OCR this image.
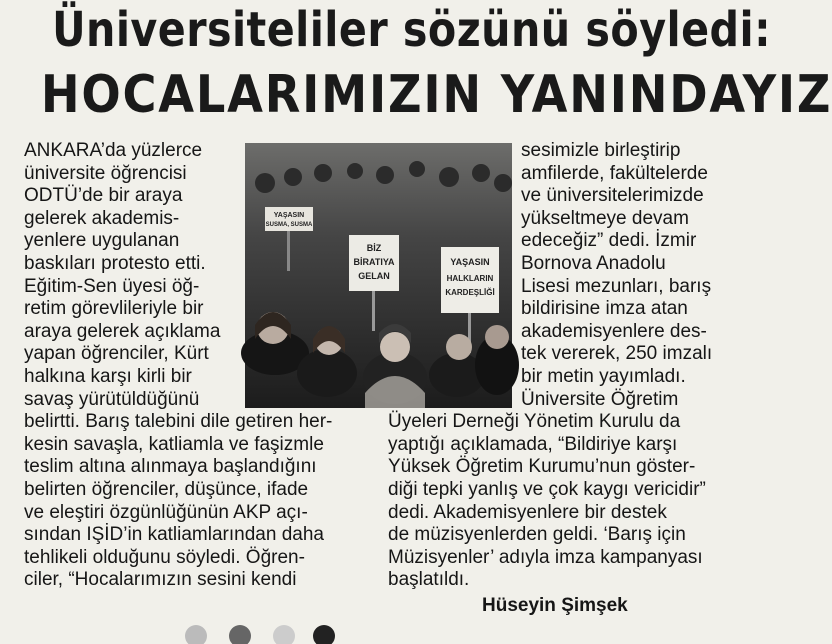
Üniversiteliler sözünü söyledi:
HOCALARIMIZIN YANINDAYIZ
ANKARA’da yüzlerce
üniversite öğrencisi
ODTÜ’de bir araya
gelerek akademis-
yenlere uygulanan
baskıları protesto etti.
Eğitim-Sen üyesi öğ-
retim görevlileriyle bir
araya gelerek açıklama
yapan öğrenciler, Kürt
halkına karşı kirli bir
savaş yürütüldüğünü
belirtti. Barış talebini dile getiren her-
kesin savaşla, katliamla ve faşizmle
teslim altına alınmaya başlandığını
belirten öğrenciler, düşünce, ifade
ve eleştiri özgünlüğünün AKP açı-
sından IŞİD’in katliamlarından daha
tehlikeli olduğunu söyledi. Öğren-
ciler, “Hocalarımızın sesini kendi
sesimizle birleştirip
amfilerde, fakültelerde
ve üniversitelerimizde
yükseltmeye devam
edeceğiz” dedi. İzmir
Bornova Anadolu
Lisesi mezunları, barış
bildirisine imza atan
akademisyenlere des-
tek vererek, 250 imzalı
bir metin yayımladı.
Üniversite Öğretim
Üyeleri Derneği Yönetim Kurulu da
yaptığı açıklamada, “Bildiriye karşı
Yüksek Öğretim Kurumu’nun göster-
diği tepki yanlış ve çok kaygı vericidir”
dedi. Akademisyenlere bir destek
de müzisyenlerden geldi. ‘Barış için
Müzisyenler’ adıyla imza kampanyası
başlatıldı.
Hüseyin Şimşek
YAŞASIN
SUSMA, SUSMA
BİZ
BİRATIYA
GELAN
YAŞASIN
HALKLARIN
KARDEŞLİĞİ
